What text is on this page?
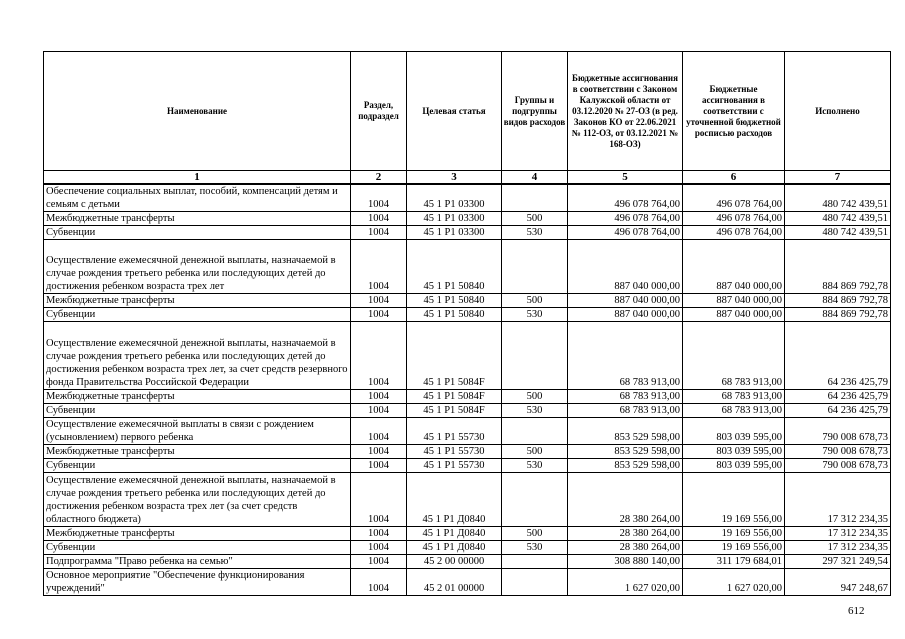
Наименование	Раздел, подраздел	Целевая статья	Группы и подгруппы видов расходов	Бюджетные ассигнования в соответствии с Законом Калужской области от 03.12.2020 № 27-ОЗ (в ред. Законов КО от 22.06.2021 № 112-ОЗ, от 03.12.2021 № 168-ОЗ)	Бюджетные ассигнования в соответствии с уточненной бюджетной росписью расходов	Исполнено
1	2	3	4	5	6	7
Обеспечение социальных выплат, пособий, компенсаций детям и семьям с детьми	1004	45 1 Р1 03300		496 078 764,00	496 078 764,00	480 742 439,51
Межбюджетные трансферты	1004	45 1 Р1 03300	500	496 078 764,00	496 078 764,00	480 742 439,51
Субвенции	1004	45 1 Р1 03300	530	496 078 764,00	496 078 764,00	480 742 439,51
Осуществление ежемесячной денежной выплаты, назначаемой в случае рождения третьего ребенка или последующих детей до достижения ребенком возраста трех лет	1004	45 1 Р1 50840		887 040 000,00	887 040 000,00	884 869 792,78
Межбюджетные трансферты	1004	45 1 Р1 50840	500	887 040 000,00	887 040 000,00	884 869 792,78
Субвенции	1004	45 1 Р1 50840	530	887 040 000,00	887 040 000,00	884 869 792,78
Осуществление ежемесячной денежной выплаты, назначаемой в случае рождения третьего ребенка или последующих детей до достижения ребенком возраста трех лет, за счет средств резервного фонда Правительства Российской Федерации	1004	45 1 Р1 5084F		68 783 913,00	68 783 913,00	64 236 425,79
Межбюджетные трансферты	1004	45 1 Р1 5084F	500	68 783 913,00	68 783 913,00	64 236 425,79
Субвенции	1004	45 1 Р1 5084F	530	68 783 913,00	68 783 913,00	64 236 425,79
Осуществление ежемесячной выплаты в связи с рождением (усыновлением) первого ребенка	1004	45 1 Р1 55730		853 529 598,00	803 039 595,00	790 008 678,73
Межбюджетные трансферты	1004	45 1 Р1 55730	500	853 529 598,00	803 039 595,00	790 008 678,73
Субвенции	1004	45 1 Р1 55730	530	853 529 598,00	803 039 595,00	790 008 678,73
Осуществление ежемесячной денежной выплаты, назначаемой в случае рождения третьего ребенка или последующих детей до достижения ребенком возраста трех лет (за счет средств областного бюджета)	1004	45 1 Р1 Д0840		28 380 264,00	19 169 556,00	17 312 234,35
Межбюджетные трансферты	1004	45 1 Р1 Д0840	500	28 380 264,00	19 169 556,00	17 312 234,35
Субвенции	1004	45 1 Р1 Д0840	530	28 380 264,00	19 169 556,00	17 312 234,35
Подпрограмма "Право ребенка на семью"	1004	45 2 00 00000		308 880 140,00	311 179 684,01	297 321 249,54
Основное мероприятие "Обеспечение функционирования учреждений"	1004	45 2 01 00000		1 627 020,00	1 627 020,00	947 248,67
612
